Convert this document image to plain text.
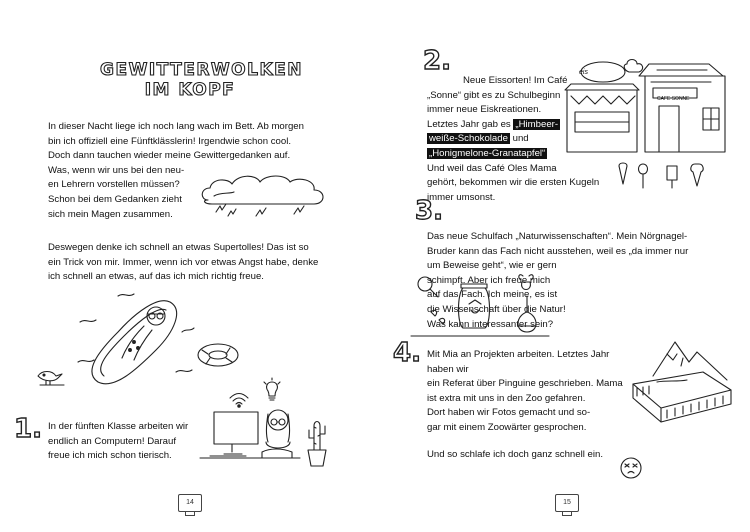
GEWITTERWOLKEN
IM KOPF
In dieser Nacht liege ich noch lang wach im Bett. Ab morgen
bin ich offiziell eine Fünftklässlerin! Irgendwie schon cool.
Doch dann tauchen wieder meine Gewittergedanken auf.
Was, wenn wir uns bei den neu-
en Lehrern vorstellen müssen?
Schon bei dem Gedanken zieht
sich mein Magen zusammen.
Deswegen denke ich schnell an etwas Supertolles! Das ist so
ein Trick von mir. Immer, wenn ich vor etwas Angst habe, denke
ich schnell an etwas, auf das ich mich richtig freue.
1. In der fünften Klasse arbeiten wir
endlich an Computern! Darauf
freue ich mich schon tierisch.
14
2.
Neue Eissorten! Im Café
„Sonne“ gibt es zu Schulbeginn
immer neue Eiskreationen.
Letztes Jahr gab es „Himbeer-
weiße-Schokolade und
„Honigmelone-Granatapfel“
Und weil das Café Oles Mama
gehört, bekommen wir die ersten Kugeln
immer umsonst.
eis
CAFE SONNE
3.
Das neue Schulfach „Naturwissenschaften“. Mein Nörgnagel-
Bruder kann das Fach nicht ausstehen, weil es „da immer nur
um Beweise geht“, wie er gern
schimpft. Aber ich freue mich
auf das Fach. Ich meine, es ist
die Wissenschaft über die Natur!
Was kann interessanter sein?
4. Mit Mia an Projekten arbeiten. Letztes Jahr haben wir
ein Referat über Pinguine geschrieben. Mama
ist extra mit uns in den Zoo gefahren.
Dort haben wir Fotos gemacht und so-
gar mit einem Zoowärter gesprochen.
Und so schlafe ich doch ganz schnell ein.
15
